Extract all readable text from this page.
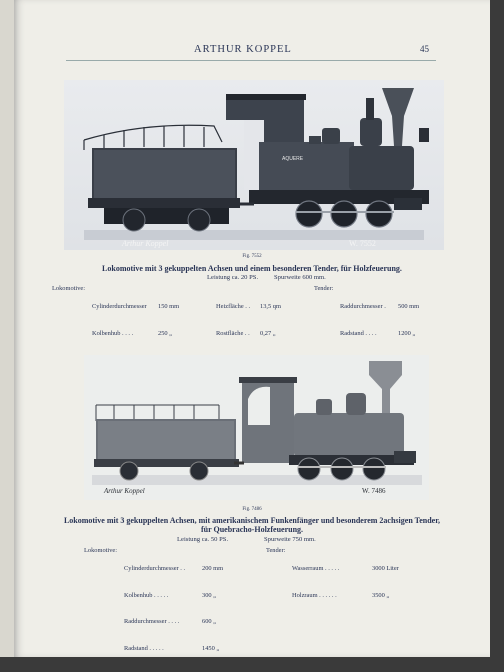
ARTHUR KOPPEL	45
AQUERE
Arthur Koppel	W. 7552
Fig. 7552
Lokomotive mit 3 gekuppelten Achsen und einem besonderen Tender, für Holzfeuerung.
Leistung ca. 20 PS. Spurweite 600 mm.
Lokomotive:

Cylinderdurchmesser 150 mm

Kolbenhub . . . .	250 „

Heizfläche . . 13,5 qm

Rostfläche . . 0,27 „

Tender:

Raddurchmesser . 500 mm

Radstand . . . .	1200 „

Arthur Koppel	W. 7486
Fig. 7486
Lokomotive mit 3 gekuppelten Achsen, mit amerikanischem Funkenfänger und besonderem 2achsigen Tender,
für Quebracho-Holzfeuerung.
Leistung ca. 50 PS.	Spurweite 750 mm.
Lokomotive:

Cylinderdurchmesser . .	200 mm

Kolbenhub . . . . .	300 „

Raddurchmesser . . . .	600 „

Radstand . . . . .	1450 „

Tender:

Wasserraum . . . . .	3000 Liter

Holzraum . . . . . .	3500 „
